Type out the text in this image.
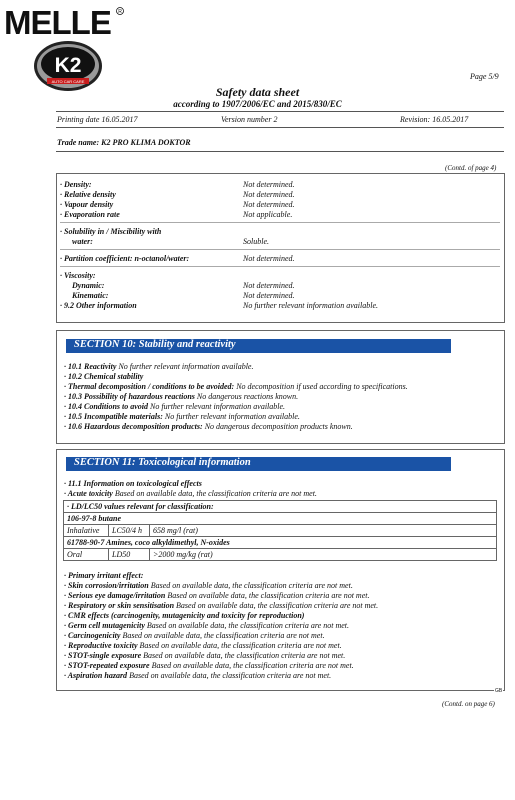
MELLE R
K2
AUTO CAR CARE
Page 5/9
Safety data sheet
according to 1907/2006/EC and 2015/830/EC
Printing date 16.05.2017	Version number 2	Revision: 16.05.2017
Trade name: K2 PRO KLIMA DOKTOR
(Contd. of page 4)
· Density:	Not determined.
· Relative density	Not determined.
· Vapour density	Not determined.
· Evaporation rate	Not applicable.
· Solubility in / Miscibility with
water:	Soluble.
· Partition coefficient: n-octanol/water:	Not determined.
· Viscosity:
Dynamic:	Not determined.
Kinematic:	Not determined.
· 9.2 Other information	No further relevant information available.
SECTION 10: Stability and reactivity
· 10.1 Reactivity No further relevant information available.
· 10.2 Chemical stability
· Thermal decomposition / conditions to be avoided: No decomposition if used according to specifications.
· 10.3 Possibility of hazardous reactions No dangerous reactions known.
· 10.4 Conditions to avoid No further relevant information available.
· 10.5 Incompatible materials: No further relevant information available.
· 10.6 Hazardous decomposition products: No dangerous decomposition products known.
SECTION 11: Toxicological information
· 11.1 Information on toxicological effects
· Acute toxicity Based on available data, the classification criteria are not met.
· LD/LC50 values relevant for classification:		
106-97-8 butane		
Inhalative	LC50/4 h	658 mg/l (rat)
61788-90-7 Amines, coco alkyldimethyl, N-oxides		
Oral	LD50	>2000 mg/kg (rat)
· Primary irritant effect:
· Skin corrosion/irritation Based on available data, the classification criteria are not met.
· Serious eye damage/irritation Based on available data, the classification criteria are not met.
· Respiratory or skin sensitisation Based on available data, the classification criteria are not met.
· CMR effects (carcinogenity, mutagenicity and toxicity for reproduction)
· Germ cell mutagenicity Based on available data, the classification criteria are not met.
· Carcinogenicity Based on available data, the classification criteria are not met.
· Reproductive toxicity Based on available data, the classification criteria are not met.
· STOT-single exposure Based on available data, the classification criteria are not met.
· STOT-repeated exposure Based on available data, the classification criteria are not met.
· Aspiration hazard Based on available data, the classification criteria are not met.
GB
(Contd. on page 6)
